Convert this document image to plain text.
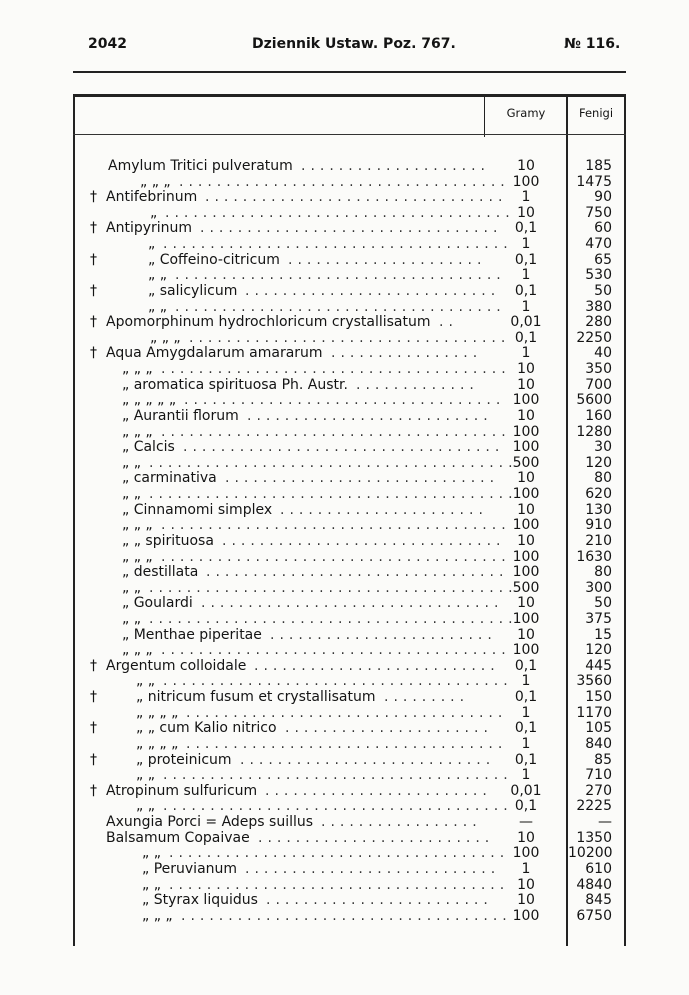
2042	Dziennik Ustaw. Poz. 767.	№ 116.
Gramy	Fenigi
Amylum Tritici pulveratum	10	185
....................
„ „ „	100	1475
...................................
† Antifebrinum	1	90
................................
„	10	750
.....................................
† Antipyrinum	0,1	60
................................
„	1	470
.....................................
†	„ Coffeino-citricum	0,1	65
.....................
„ „	1	530
...................................
†	„ salicylicum	0,1	50
...........................
„ „	1	380
...................................
† Apomorphinum hydrochloricum crystallisatum	0,01	280
..
„ „ „	0,1	2250
..................................
† Aqua Amygdalarum amararum	1	40
................
„ „ „	10	350
.....................................
„ aromatica spirituosa Ph. Austr.	10	700
.............
„ „ „ „ „	100	5600
..................................
„ Aurantii florum	10	160
..........................
„ „ „	100	1280
.....................................
„ Calcis	100	30
..................................
„ „	500	120
.......................................
„ carminativa	10	80
.............................
„ „	100	620
.......................................
„ Cinnamomi simplex	10	130
......................
„ „ „	100	910
.....................................
„ „ spirituosa	10	210
..............................
„ „ „	100	1630
.....................................
„ destillata	100	80
................................
„ „	500	300
.......................................
„ Goulardi	10	50
................................
„ „	100	375
.......................................
„ Menthae piperitae	10	15
........................
„ „ „	100	120
.....................................
† Argentum colloidale	0,1	445
..........................
„ „	1	3560
.....................................
†	„ nitricum fusum et crystallisatum	0,1	150
.........
„ „ „ „	1	1170
..................................
†	„ „ cum Kalio nitrico	0,1	105
......................
„ „ „ „	1	840
..................................
†	„ proteinicum	0,1	85
...........................
„ „	1	710
.....................................
† Atropinum sulfuricum	0,01	270
........................
„ „	0,1	2225
.....................................
Axungia Porci = Adeps suillus	—	—
.................
Balsamum Copaivae	10	1350
.........................
„ „	100	10200
....................................
„ Peruvianum	1	610
...........................
„ „	10	4840
....................................
„ Styrax liquidus	10	845
........................
„ „ „	100	6750
...................................
